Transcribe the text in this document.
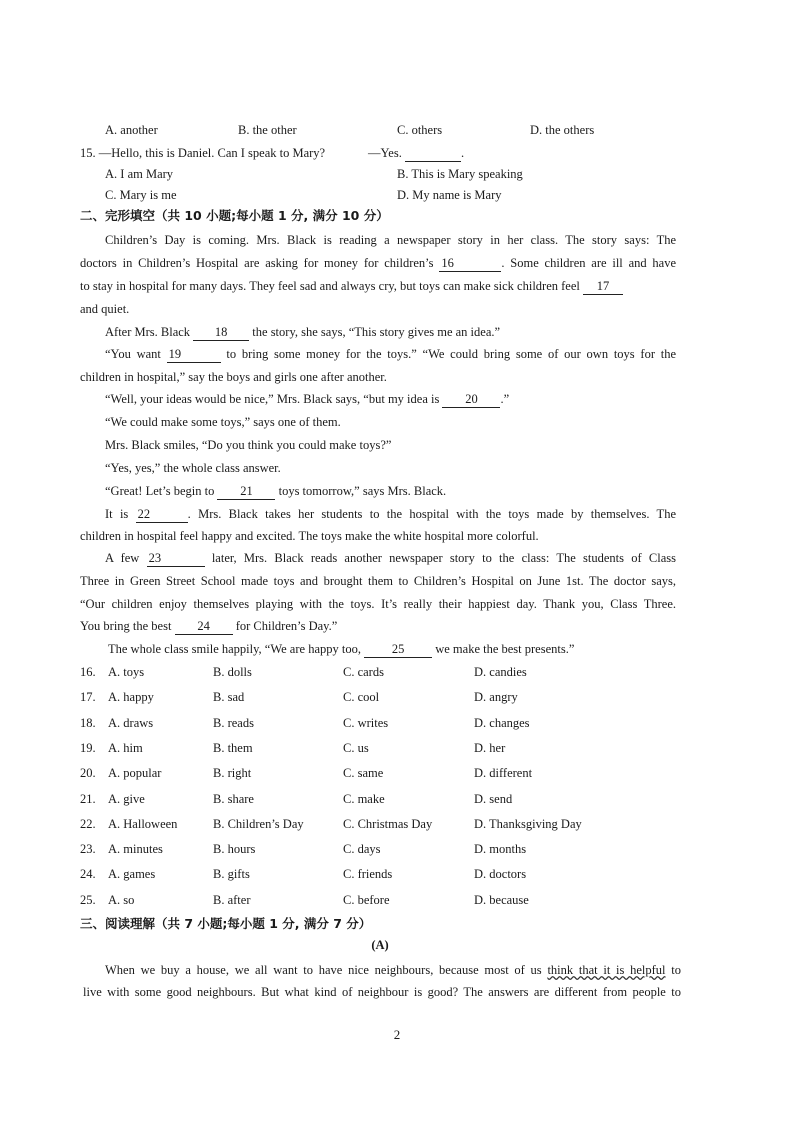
A. another	B. the other	C. others	D. the others
15. —Hello, this is Daniel. Can I speak to Mary?	—Yes.	.
A. I am Mary	B. This is Mary speaking
C. Mary is me	D. My name is Mary
二、完形填空（共 10 小题;每小题 1 分, 满分 10 分）
Children’s Day is coming. Mrs. Black is reading a newspaper story in her class. The story says: The
doctors in Children’s Hospital are asking for money for children’s 16	. Some children are ill and have
to stay in hospital for many days. They feel sad and always cry, but toys can make sick children feel 17
and quiet.
After Mrs. Black 18 the story, she says, “This story gives me an idea.”
“You want 19	to bring some money for the toys.” “We could bring some of our own toys for the
children in hospital,” say the boys and girls one after another.
“Well, your ideas would be nice,” Mrs. Black says, “but my idea is 20 .”
“We could make some toys,” says one of them.
Mrs. Black smiles, “Do you think you could make toys?”
“Yes, yes,” the whole class answer.
“Great! Let’s begin to 21 toys tomorrow,” says Mrs. Black.
It is 22	. Mrs. Black takes her students to the hospital with the toys made by themselves. The
children in hospital feel happy and excited. The toys make the white hospital more colorful.
A few 23	later, Mrs. Black reads another newspaper story to the class: The students of Class
Three in Green Street School made toys and brought them to Children’s Hospital on June 1st. The doctor says,
“Our children enjoy themselves playing with the toys. It’s really their happiest day. Thank you, Class Three.
You bring the best 24 for Children’s Day.”
The whole class smile happily, “We are happy too, 25 we make the best presents.”
16. A. toys	B. dolls	C. cards	D. candies
17. A. happy	B. sad	C. cool	D. angry
18. A. draws	B. reads	C. writes	D. changes
19. A. him	B. them	C. us	D. her
20. A. popular	B. right	C. same	D. different
21. A. give	B. share	C. make	D. send
22. A. Halloween	B. Children’s Day	C. Christmas Day	D. Thanksgiving Day
23. A. minutes	B. hours	C. days	D. months
24. A. games	B. gifts	C. friends	D. doctors
25. A. so	B. after	C. before	D. because
三、阅读理解（共 7 小题;每小题 1 分, 满分 7 分）
(A)
When we buy a house, we all want to have nice neighbours, because most of us think that it is helpful to
live with some good neighbours. But what kind of neighbour is good? The answers are different from people to
2
